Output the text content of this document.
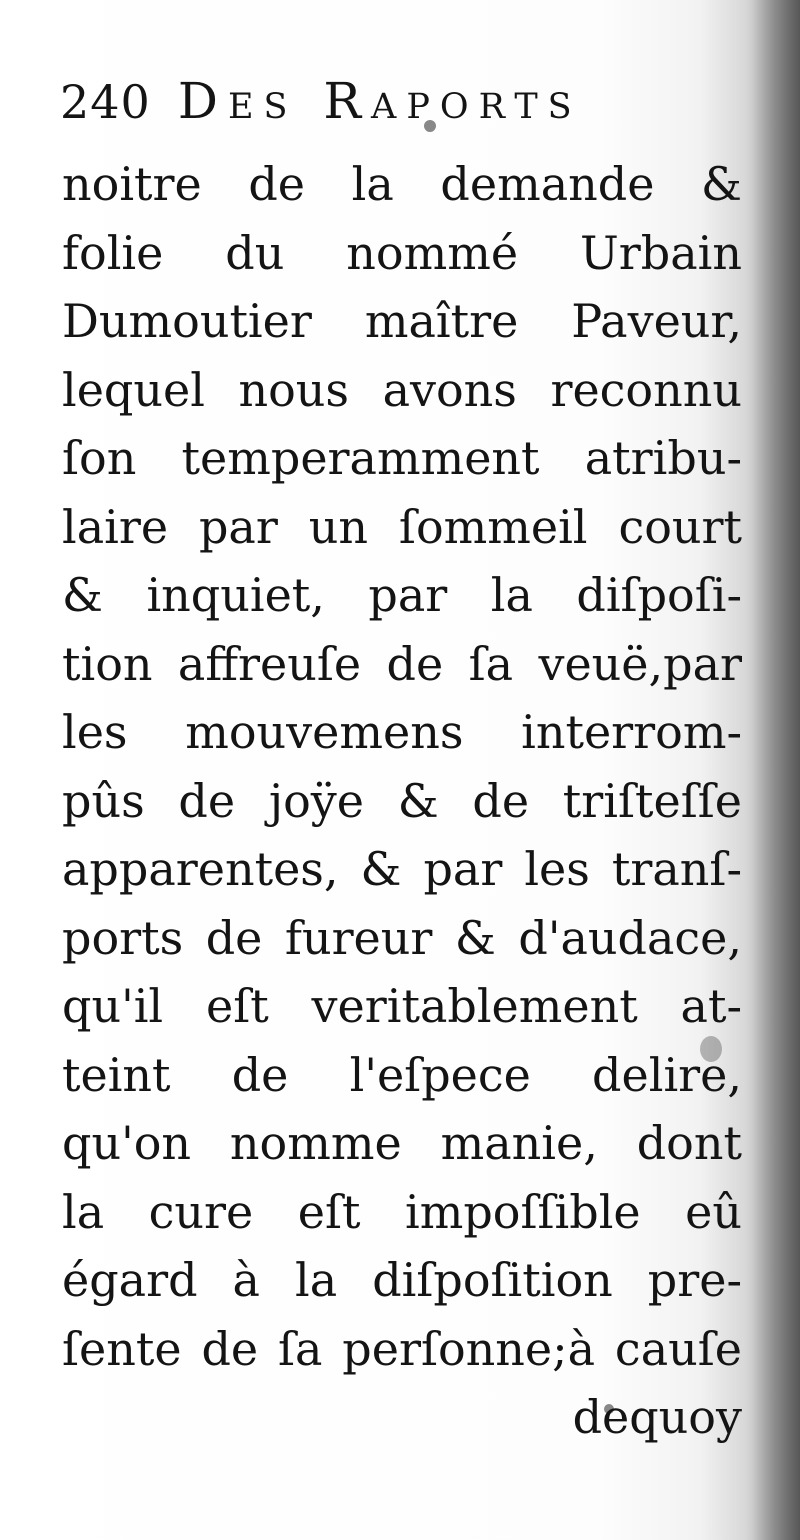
240 Des Raports
noitre de la demande &
folie du nommé Urbain
Dumoutier maître Paveur,
lequel nous avons reconnu
ſon temperamment atribu-
laire par un ſommeil court
& inquiet, par la diſpoſi-
tion affreuſe de ſa veuë,par
les mouvemens interrom-
pûs de joÿe & de triſteſſe
apparentes, & par les tranſ-
ports de fureur & d'audace,
qu'il eſt veritablement at-
teint de l'eſpece delire,
qu'on nomme manie, dont
la cure eſt impoſſible eû
égard à la diſpoſition pre-
ſente de ſa perſonne;à cauſe
dequoy
